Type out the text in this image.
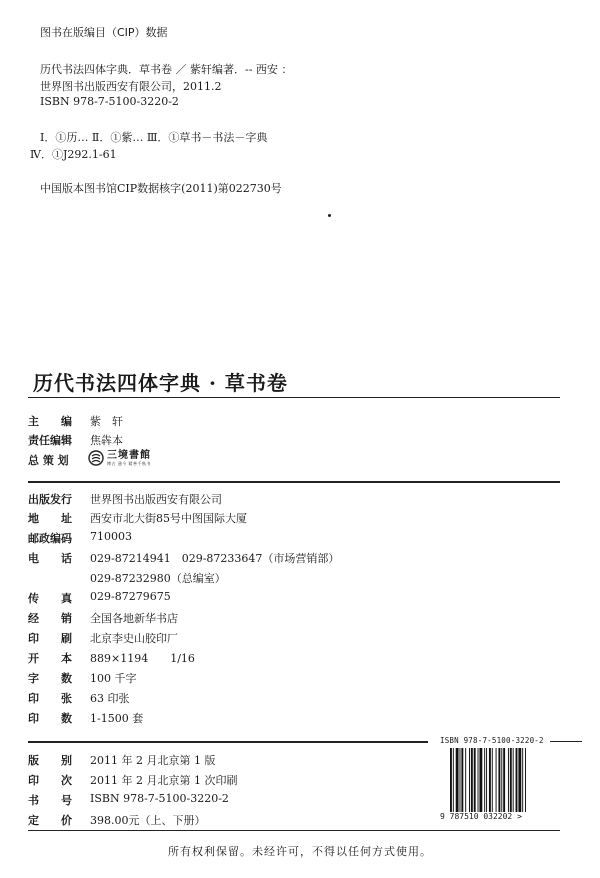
图书在版编目（CIP）数据
历代书法四体字典．草书卷 ／ 紫轩编著．-- 西安 ：
世界图书出版西安有限公司，2011.2
ISBN 978-7-5100-3220-2
Ⅰ．①历… Ⅱ．①紫… Ⅲ．①草书－书法－字典
Ⅳ．①J292.1-61
中国版本图书馆CIP数据核字(2011)第022730号
历代书法四体字典 · 草书卷
主　　编 紫　轩
责任编辑 焦犇本
总 策 划	三境書館
博古 通今 精善千秋书
出版发行 世界图书出版西安有限公司
地　　址 西安市北大街85号中图国际大厦
邮政编码 710003
电　　话 029-87214941　029-87233647（市场营销部）
029-87232980（总编室）
传　　真 029-87279675
经　　销 全国各地新华书店
印　　刷 北京李史山胶印厂
开　　本 889×1194　　1/16
字　　数 100 千字
印　　张 63 印张
印　　数 1-1500 套
版　　别 2011 年 2 月北京第 1 版
印　　次 2011 年 2 月北京第 1 次印刷
书　　号 ISBN 978-7-5100-3220-2
定　　价 398.00元（上、下册）
ISBN 978-7-5100-3220-2
9 787510 032202 >
所有权利保留。未经许可，不得以任何方式使用。
